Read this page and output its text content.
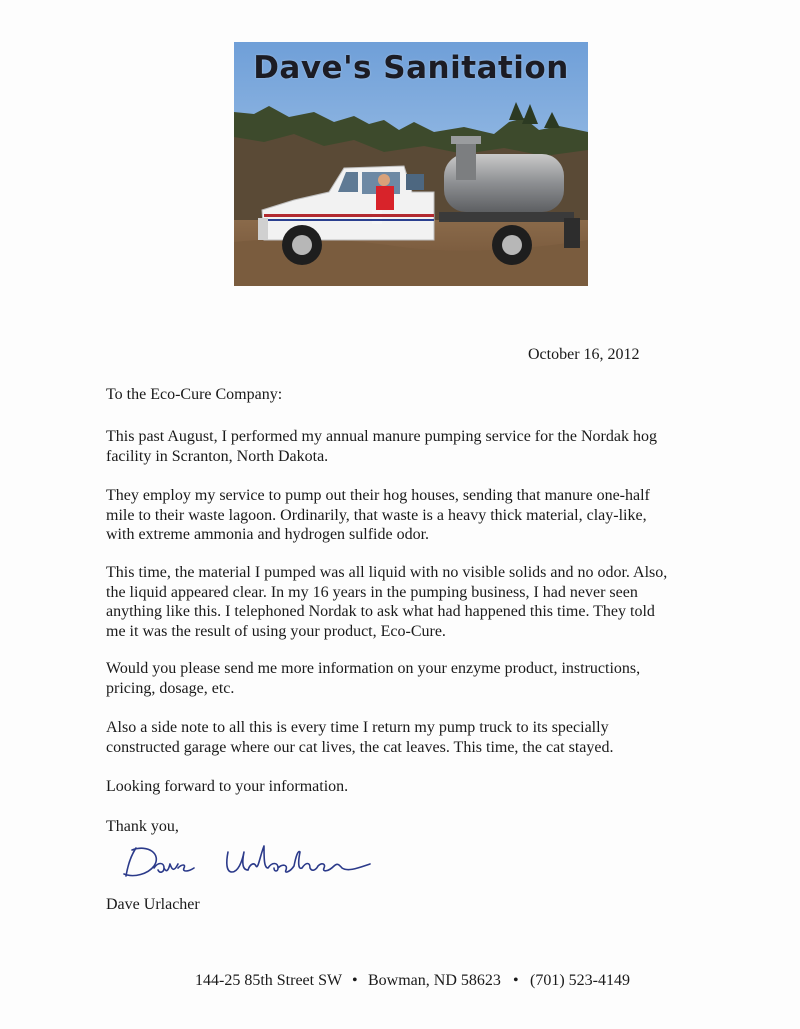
Dave's Sanitation
October 16, 2012
To the Eco-Cure Company:
This past August, I performed my annual manure pumping service for the Nordak hog
facility in Scranton, North Dakota.
They employ my service to pump out their hog houses, sending that manure one-half
mile to their waste lagoon. Ordinarily, that waste is a heavy thick material, clay-like,
with extreme ammonia and hydrogen sulfide odor.
This time, the material I pumped was all liquid with no visible solids and no odor. Also,
the liquid appeared clear. In my 16 years in the pumping business, I had never seen
anything like this. I telephoned Nordak to ask what had happened this time. They told
me it was the result of using your product, Eco-Cure.
Would you please send me more information on your enzyme product, instructions,
pricing, dosage, etc.
Also a side note to all this is every time I return my pump truck to its specially
constructed garage where our cat lives, the cat leaves. This time, the cat stayed.
Looking forward to your information.
Thank you,
Dave Urlacher
144-25 85th Street SW • Bowman, ND 58623 • (701) 523-4149
